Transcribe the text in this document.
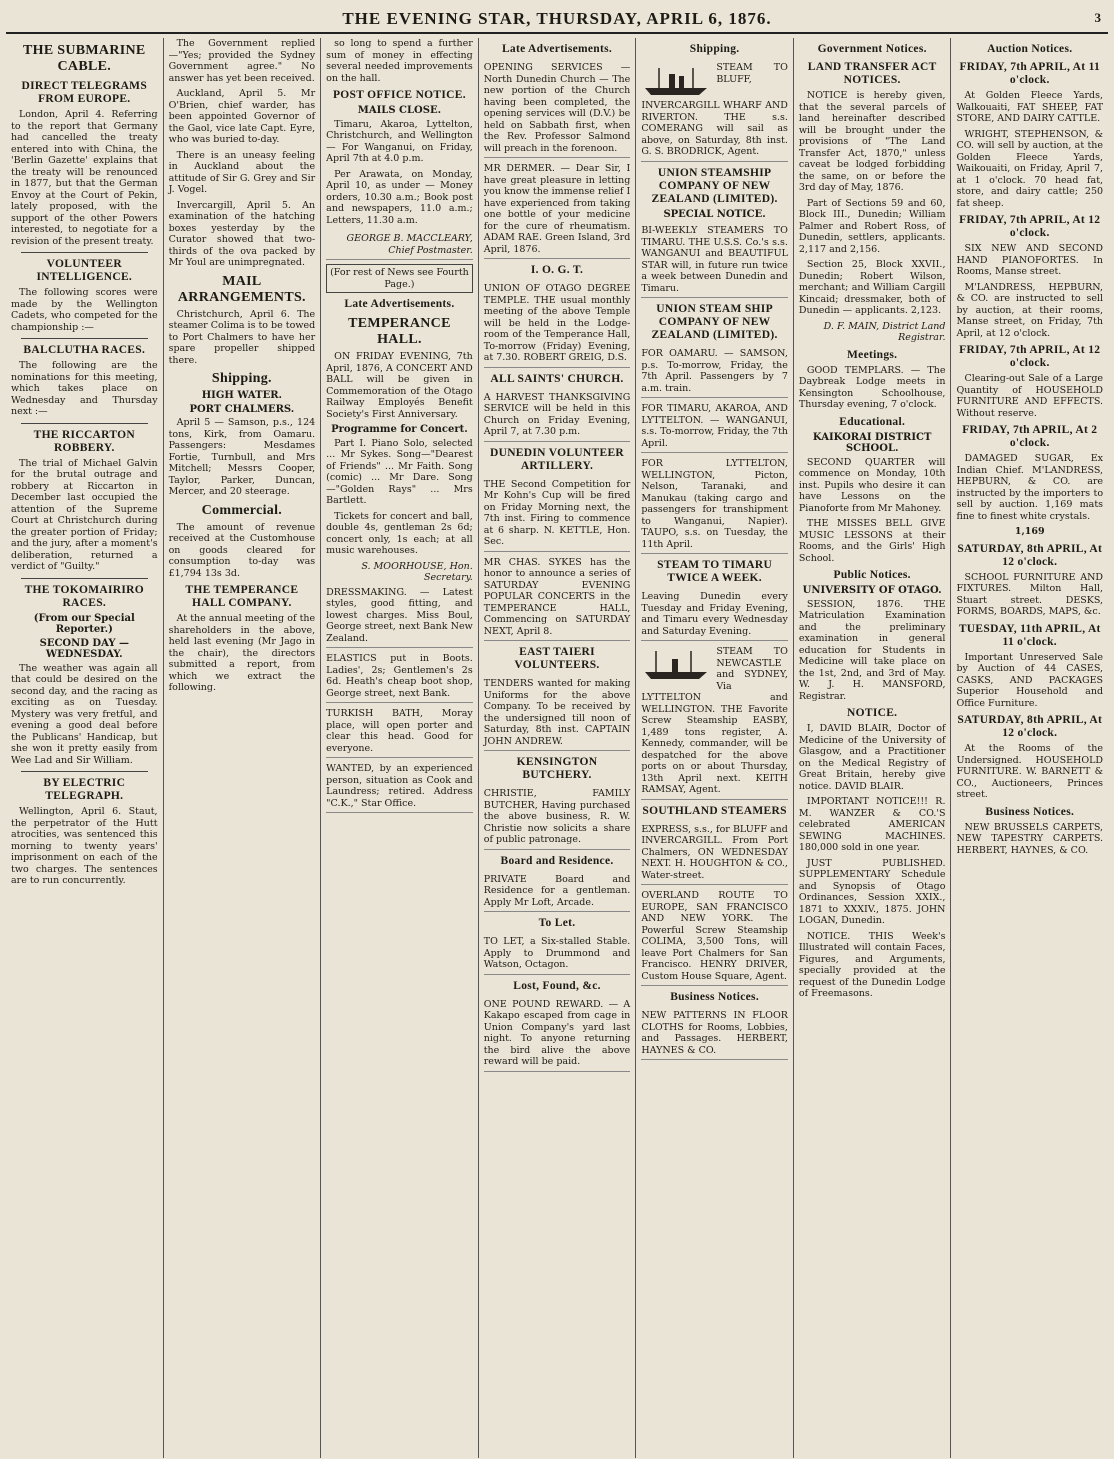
THE EVENING STAR, THURSDAY, APRIL 6, 1876.	3
THE SUBMARINE CABLE.
DIRECT TELEGRAMS FROM EUROPE.

London, April 4. Referring to the report that Germany had cancelled the treaty entered into with China, the 'Berlin Gazette' explains that the treaty will be renounced in 1877, but that the German Envoy at the Court of Pekin, lately proposed, with the support of the other Powers interested, to negotiate for a revision of the present treaty.

VOLUNTEER INTELLIGENCE.

The following scores were made by the Wellington Cadets, who competed for the championship :—

BALCLUTHA RACES.

The following are the nominations for this meeting, which takes place on Wednesday and Thursday next :—

THE RICCARTON ROBBERY.

The trial of Michael Galvin for the brutal outrage and robbery at Riccarton in December last occupied the attention of the Supreme Court at Christchurch during the greater portion of Friday; and the jury, after a moment's deliberation, returned a verdict of "Guilty."

THE TOKOMAIRIRO RACES.
(From our Special Reporter.)
SECOND DAY — WEDNESDAY.

The weather was again all that could be desired on the second day, and the racing as exciting as on Tuesday. Mystery was very fretful, and evening a good deal before the Publicans' Handicap, but she won it pretty easily from Wee Lad and Sir William.

BY ELECTRIC TELEGRAPH.

Wellington, April 6. Staut, the perpetrator of the Hutt atrocities, was sentenced this morning to twenty years' imprisonment on each of the two charges. The sentences are to run concurrently.

The Government replied—"Yes; provided the Sydney Government agree." No answer has yet been received.

Auckland, April 5. Mr O'Brien, chief warder, has been appointed Governor of the Gaol, vice late Capt. Eyre, who was buried to-day.

There is an uneasy feeling in Auckland about the attitude of Sir G. Grey and Sir J. Vogel.

Invercargill, April 5. An examination of the hatching boxes yesterday by the Curator showed that two-thirds of the ova packed by Mr Youl are unimpregnated.

MAIL ARRANGEMENTS.

Christchurch, April 6. The steamer Colima is to be towed to Port Chalmers to have her spare propeller shipped there.

Shipping.
HIGH WATER.
PORT CHALMERS.

April 5 — Samson, p.s., 124 tons, Kirk, from Oamaru. Passengers: Mesdames Fortie, Turnbull, and Mrs Mitchell; Messrs Cooper, Taylor, Parker, Duncan, Mercer, and 20 steerage.

Commercial.

The amount of revenue received at the Customhouse on goods cleared for consumption to-day was £1,794 13s 3d.

THE TEMPERANCE HALL COMPANY.

At the annual meeting of the shareholders in the above, held last evening (Mr Jago in the chair), the directors submitted a report, from which we extract the following.

so long to spend a further sum of money in effecting several needed improvements on the hall.

POST OFFICE NOTICE.
MAILS CLOSE.

Timaru, Akaroa, Lyttelton, Christchurch, and Wellington — For Wanganui, on Friday, April 7th at 4.0 p.m.

Per Arawata, on Monday, April 10, as under — Money orders, 10.30 a.m.; Book post and newspapers, 11.0 a.m.; Letters, 11.30 a.m.

GEORGE B. MACCLEARY, Chief Postmaster.
(For rest of News see Fourth Page.)
Late Advertisements.
TEMPERANCE HALL.

ON FRIDAY EVENING, 7th April, 1876, A CONCERT AND BALL will be given in Commemoration of the Otago Railway Employés Benefit Society's First Anniversary.

Programme for Concert.

Part I. Piano Solo, selected ... Mr Sykes. Song—"Dearest of Friends" ... Mr Faith. Song (comic) ... Mr Dare. Song—"Golden Rays" ... Mrs Bartlett.

Tickets for concert and ball, double 4s, gentleman 2s 6d; concert only, 1s each; at all music warehouses.

S. MOORHOUSE, Hon. Secretary.
DRESSMAKING. — Latest styles, good fitting, and lowest charges. Miss Boul, George street, next Bank New Zealand.
ELASTICS put in Boots. Ladies', 2s; Gentlemen's 2s 6d. Heath's cheap boot shop, George street, next Bank.
TURKISH BATH, Moray place, will open porter and clear this head. Good for everyone.
WANTED, by an experienced person, situation as Cook and Laundress; retired. Address "C.K.," Star Office.
Late Advertisements.
OPENING SERVICES — North Dunedin Church — The new portion of the Church having been completed, the opening services will (D.V.) be held on Sabbath first, when the Rev. Professor Salmond will preach in the forenoon.
MR DERMER. — Dear Sir, I have great pleasure in letting you know the immense relief I have experienced from taking one bottle of your medicine for the cure of rheumatism. ADAM RAE. Green Island, 3rd April, 1876.
I. O. G. T.
UNION OF OTAGO DEGREE TEMPLE. THE usual monthly meeting of the above Temple will be held in the Lodge-room of the Temperance Hall, To-morrow (Friday) Evening, at 7.30. ROBERT GREIG, D.S.
ALL SAINTS' CHURCH.
A HARVEST THANKSGIVING SERVICE will be held in this Church on Friday Evening, April 7, at 7.30 p.m.
DUNEDIN VOLUNTEER ARTILLERY.
THE Second Competition for Mr Kohn's Cup will be fired on Friday Morning next, the 7th inst. Firing to commence at 6 sharp. N. KETTLE, Hon. Sec.
MR CHAS. SYKES has the honor to announce a series of SATURDAY EVENING POPULAR CONCERTS in the TEMPERANCE HALL, Commencing on SATURDAY NEXT, April 8.
EAST TAIERI VOLUNTEERS.
TENDERS wanted for making Uniforms for the above Company. To be received by the undersigned till noon of Saturday, 8th inst. CAPTAIN JOHN ANDREW.
KENSINGTON BUTCHERY.
CHRISTIE, FAMILY BUTCHER, Having purchased the above business, R. W. Christie now solicits a share of public patronage.
Board and Residence.
PRIVATE Board and Residence for a gentleman. Apply Mr Loft, Arcade.
To Let.
TO LET, a Six-stalled Stable. Apply to Drummond and Watson, Octagon.
Lost, Found, &c.
ONE POUND REWARD. — A Kakapo escaped from cage in Union Company's yard last night. To anyone returning the bird alive the above reward will be paid.
Shipping.
STEAM TO BLUFF, INVERCARGILL WHARF AND RIVERTON. THE s.s. COMERANG will sail as above, on Saturday, 8th inst. G. S. BRODRICK, Agent.
UNION STEAMSHIP COMPANY OF NEW ZEALAND (LIMITED).
SPECIAL NOTICE.
BI-WEEKLY STEAMERS TO TIMARU. THE U.S.S. Co.'s s.s. WANGANUI and BEAUTIFUL STAR will, in future run twice a week between Dunedin and Timaru.
UNION STEAM SHIP COMPANY OF NEW ZEALAND (LIMITED).
FOR OAMARU. — SAMSON, p.s. To-morrow, Friday, the 7th April. Passengers by 7 a.m. train.
FOR TIMARU, AKAROA, AND LYTTELTON. — WANGANUI, s.s. To-morrow, Friday, the 7th April.
FOR LYTTELTON, WELLINGTON, Picton, Nelson, Taranaki, and Manukau (taking cargo and passengers for transhipment to Wanganui, Napier). TAUPO, s.s. on Tuesday, the 11th April.
STEAM TO TIMARU TWICE A WEEK.
Leaving Dunedin every Tuesday and Friday Evening, and Timaru every Wednesday and Saturday Evening.
STEAM TO NEWCASTLE and SYDNEY, Via LYTTELTON and WELLINGTON. THE Favorite Screw Steamship EASBY, 1,489 tons register, A. Kennedy, commander, will be despatched for the above ports on or about Thursday, 13th April next. KEITH RAMSAY, Agent.
SOUTHLAND STEAMERS
EXPRESS, s.s., for BLUFF and INVERCARGILL. From Port Chalmers, ON WEDNESDAY NEXT. H. HOUGHTON & CO., Water-street.
OVERLAND ROUTE TO EUROPE, SAN FRANCISCO AND NEW YORK. The Powerful Screw Steamship COLIMA, 3,500 Tons, will leave Port Chalmers for San Francisco. HENRY DRIVER, Custom House Square, Agent.
Business Notices.
NEW PATTERNS IN FLOOR CLOTHS for Rooms, Lobbies, and Passages. HERBERT, HAYNES & CO.
Government Notices.
LAND TRANSFER ACT NOTICES.

NOTICE is hereby given, that the several parcels of land hereinafter described will be brought under the provisions of "The Land Transfer Act, 1870," unless caveat be lodged forbidding the same, on or before the 3rd day of May, 1876.

Part of Sections 59 and 60, Block III., Dunedin; William Palmer and Robert Ross, of Dunedin, settlers, applicants. 2,117 and 2,156.

Section 25, Block XXVII., Dunedin; Robert Wilson, merchant; and William Cargill Kincaid; dressmaker, both of Dunedin — applicants. 2,123.

D. F. MAIN, District Land Registrar.
Meetings.

GOOD TEMPLARS. — The Daybreak Lodge meets in Kensington Schoolhouse, Thursday evening, 7 o'clock.

Educational.
KAIKORAI DISTRICT SCHOOL.

SECOND QUARTER will commence on Monday, 10th inst. Pupils who desire it can have Lessons on the Pianoforte from Mr Mahoney.

THE MISSES BELL GIVE MUSIC LESSONS at their Rooms, and the Girls' High School.

Public Notices.
UNIVERSITY OF OTAGO.

SESSION, 1876. THE Matriculation Examination and the preliminary examination in general education for Students in Medicine will take place on the 1st, 2nd, and 3rd of May. W. J. H. MANSFORD, Registrar.

NOTICE.

I, DAVID BLAIR, Doctor of Medicine of the University of Glasgow, and a Practitioner on the Medical Registry of Great Britain, hereby give notice. DAVID BLAIR.

IMPORTANT NOTICE!!! R. M. WANZER & CO.'S celebrated AMERICAN SEWING MACHINES. 180,000 sold in one year.

JUST PUBLISHED. SUPPLEMENTARY Schedule and Synopsis of Otago Ordinances, Session XXIX., 1871 to XXXIV., 1875. JOHN LOGAN, Dunedin.

NOTICE. THIS Week's Illustrated will contain Faces, Figures, and Arguments, specially provided at the request of the Dunedin Lodge of Freemasons.

Auction Notices.
FRIDAY, 7th APRIL, At 11 o'clock.

At Golden Fleece Yards, Walkouaiti, FAT SHEEP, FAT STORE, AND DAIRY CATTLE.

WRIGHT, STEPHENSON, & CO. will sell by auction, at the Golden Fleece Yards, Waikouaiti, on Friday, April 7, at 1 o'clock. 70 head fat, store, and dairy cattle; 250 fat sheep.

FRIDAY, 7th APRIL, At 12 o'clock.

SIX NEW AND SECOND HAND PIANOFORTES. In Rooms, Manse street.

M'LANDRESS, HEPBURN, & CO. are instructed to sell by auction, at their rooms, Manse street, on Friday, 7th April, at 12 o'clock.

FRIDAY, 7th APRIL, At 12 o'clock.

Clearing-out Sale of a Large Quantity of HOUSEHOLD FURNITURE AND EFFECTS. Without reserve.

FRIDAY, 7th APRIL, At 2 o'clock.

DAMAGED SUGAR, Ex Indian Chief. M'LANDRESS, HEPBURN, & CO. are instructed by the importers to sell by auction. 1,169 mats fine to finest white crystals.

1,169
SATURDAY, 8th APRIL, At 12 o'clock.

SCHOOL FURNITURE AND FIXTURES. Milton Hall, Stuart street. DESKS, FORMS, BOARDS, MAPS, &c.

TUESDAY, 11th APRIL, At 11 o'clock.

Important Unreserved Sale by Auction of 44 CASES, CASKS, AND PACKAGES Superior Household and Office Furniture.

SATURDAY, 8th APRIL, At 12 o'clock.

At the Rooms of the Undersigned. HOUSEHOLD FURNITURE. W. BARNETT & CO., Auctioneers, Princes street.

Business Notices.

NEW BRUSSELS CARPETS, NEW TAPESTRY CARPETS. HERBERT, HAYNES, & CO.
